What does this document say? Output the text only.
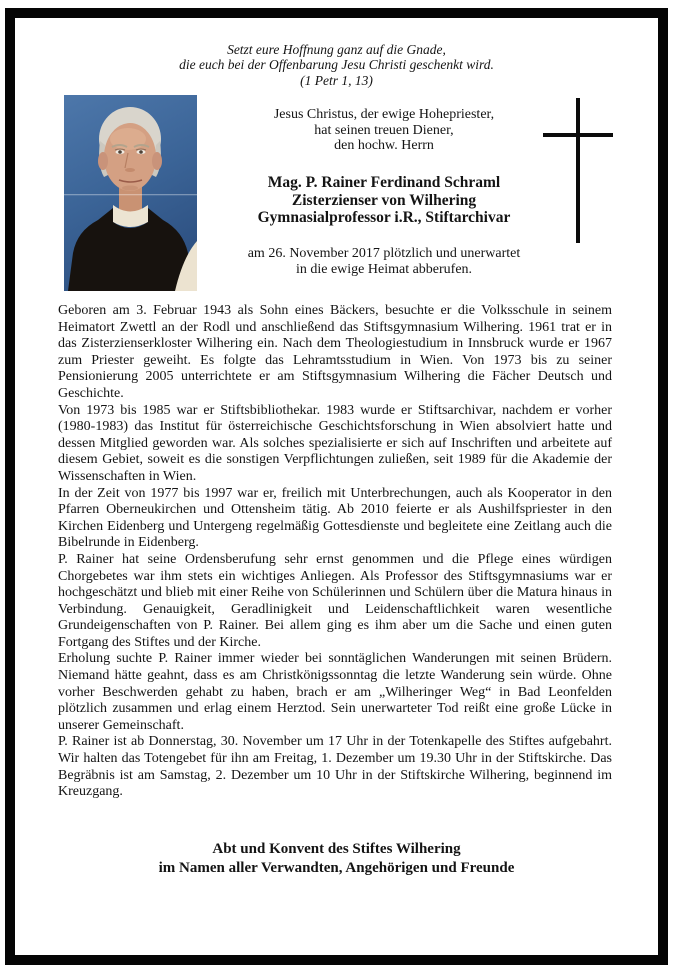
Setzt eure Hoffnung ganz auf die Gnade,
die euch bei der Offenbarung Jesu Christi geschenkt wird.
(1 Petr 1, 13)
Jesus Christus, der ewige Hohepriester,
hat seinen treuen Diener,
den hochw. Herrn
Mag. P. Rainer Ferdinand Schraml
Zisterzienser von Wilhering
Gymnasialprofessor i.R., Stiftarchivar
am 26. November 2017 plötzlich und unerwartet
in die ewige Heimat abberufen.

Geboren am 3. Februar 1943 als Sohn eines Bäckers, besuchte er die Volksschule in seinem Heimatort Zwettl an der Rodl und anschließend das Stiftsgymnasium Wilhering. 1961 trat er in das Zisterzienserkloster Wilhering ein. Nach dem Theologiestudium in Innsbruck wurde er 1967 zum Priester geweiht. Es folgte das Lehramtsstudium in Wien. Von 1973 bis zu seiner Pensionierung 2005 unterrichtete er am Stiftsgymnasium Wilhering die Fächer Deutsch und Geschichte.

Von 1973 bis 1985 war er Stiftsbibliothekar. 1983 wurde er Stiftsarchivar, nachdem er vorher (1980-1983) das Institut für österreichische Geschichtsforschung in Wien absolviert hatte und dessen Mitglied geworden war. Als solches spezialisierte er sich auf Inschriften und arbeitete auf diesem Gebiet, soweit es die sonstigen Verpflichtungen zuließen, seit 1989 für die Akademie der Wissenschaften in Wien.

In der Zeit von 1977 bis 1997 war er, freilich mit Unterbrechungen, auch als Kooperator in den Pfarren Oberneukirchen und Ottensheim tätig. Ab 2010 feierte er als Aushilfspriester in den Kirchen Eidenberg und Untergeng regelmäßig Gottesdienste und begleitete eine Zeitlang auch die Bibelrunde in Eidenberg.

P. Rainer hat seine Ordensberufung sehr ernst genommen und die Pflege eines würdigen Chorgebetes war ihm stets ein wichtiges Anliegen. Als Professor des Stiftsgymnasiums war er hochgeschätzt und blieb mit einer Reihe von Schülerinnen und Schülern über die Matura hinaus in Verbindung. Genauigkeit, Geradlinigkeit und Leidenschaftlichkeit waren wesentliche Grundeigenschaften von P. Rainer. Bei allem ging es ihm aber um die Sache und einen guten Fortgang des Stiftes und der Kirche.

Erholung suchte P. Rainer immer wieder bei sonntäglichen Wanderungen mit seinen Brüdern. Niemand hätte geahnt, dass es am Christkönigssonntag die letzte Wanderung sein würde. Ohne vorher Beschwerden gehabt zu haben, brach er am „Wilheringer Weg“ in Bad Leonfelden plötzlich zusammen und erlag einem Herztod. Sein unerwarteter Tod reißt eine große Lücke in unserer Gemeinschaft.

P. Rainer ist ab Donnerstag, 30. November um 17 Uhr in der Totenkapelle des Stiftes aufgebahrt. Wir halten das Totengebet für ihn am Freitag, 1. Dezember um 19.30 Uhr in der Stiftskirche. Das Begräbnis ist am Samstag, 2. Dezember um 10 Uhr in der Stiftskirche Wilhering, beginnend im Kreuzgang.

Abt und Konvent des Stiftes Wilhering
im Namen aller Verwandten, Angehörigen und Freunde
